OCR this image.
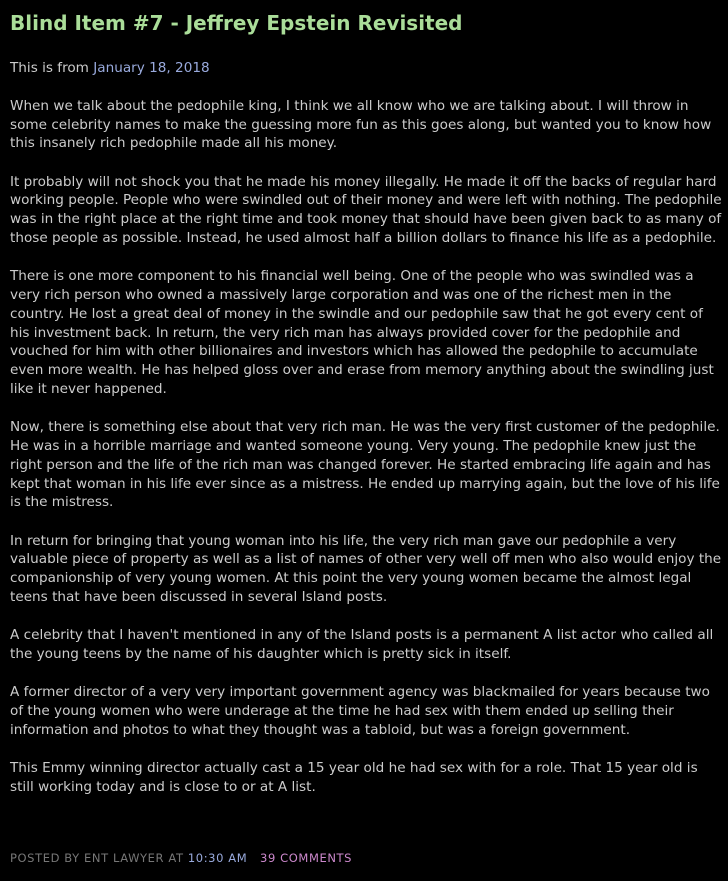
Blind Item #7 - Jeffrey Epstein Revisited

This is from January 18, 2018

When we talk about the pedophile king, I think we all know who we are talking about. I will throw in some celebrity names to make the guessing more fun as this goes along, but wanted you to know how this insanely rich pedophile made all his money.

It probably will not shock you that he made his money illegally. He made it off the backs of regular hard working people. People who were swindled out of their money and were left with nothing. The pedophile was in the right place at the right time and took money that should have been given back to as many of those people as possible. Instead, he used almost half a billion dollars to finance his life as a pedophile.

There is one more component to his financial well being. One of the people who was swindled was a very rich person who owned a massively large corporation and was one of the richest men in the country. He lost a great deal of money in the swindle and our pedophile saw that he got every cent of his investment back. In return, the very rich man has always provided cover for the pedophile and vouched for him with other billionaires and investors which has allowed the pedophile to accumulate even more wealth. He has helped gloss over and erase from memory anything about the swindling just like it never happened.

Now, there is something else about that very rich man. He was the very first customer of the pedophile. He was in a horrible marriage and wanted someone young. Very young. The pedophile knew just the right person and the life of the rich man was changed forever. He started embracing life again and has kept that woman in his life ever since as a mistress. He ended up marrying again, but the love of his life is the mistress.

In return for bringing that young woman into his life, the very rich man gave our pedophile a very valuable piece of property as well as a list of names of other very well off men who also would enjoy the companionship of very young women. At this point the very young women became the almost legal teens that have been discussed in several Island posts.

A celebrity that I haven't mentioned in any of the Island posts is a permanent A list actor who called all the young teens by the name of his daughter which is pretty sick in itself.

A former director of a very very important government agency was blackmailed for years because two of the young women who were underage at the time he had sex with them ended up selling their information and photos to what they thought was a tabloid, but was a foreign government.

This Emmy winning director actually cast a 15 year old he had sex with for a role. That 15 year old is still working today and is close to or at A list.

POSTED BY ENT LAWYER AT 10:30 AM 39 COMMENTS
